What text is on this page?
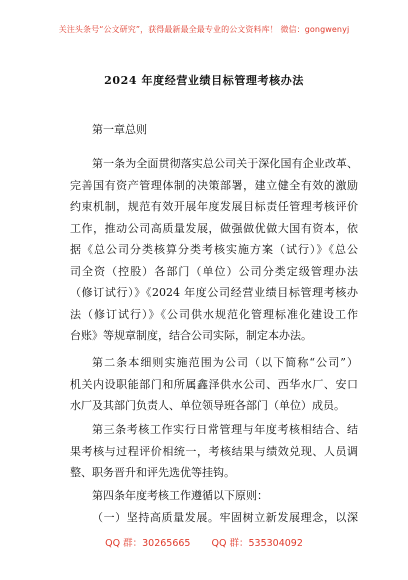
关注头条号“公文研究”，获得最新最全最专业的公文资料库！ 微信：gongwenyj
2024 年度经营业绩目标管理考核办法
第一章总则
第一条为全面贯彻落实总公司关于深化国有企业改革、
完善国有资产管理体制的决策部署，建立健全有效的激励
约束机制，规范有效开展年度发展目标责任管理考核评价
工作，推动公司高质量发展，做强做优做大国有资本，依
据《总公司分类核算分类考核实施方案（试行）》《总公
司全资（控股）各部门（单位）公司分类定级管理办法
（修订试行）》《2024 年度公司经营业绩目标管理考核办
法（修订试行）》《公司供水规范化管理标准化建设工作
台账》等规章制度，结合公司实际，制定本办法。
第二条本细则实施范围为公司（以下简称“公司”）
机关内设职能部门和所属鑫泽供水公司、西华水厂、安口
水厂及其部门负责人、单位领导班各部门（单位）成员。
第三条考核工作实行日常管理与年度考核相结合、结
果考核与过程评价相统一，考核结果与绩效兑现、人员调
整、职务晋升和评先选优等挂钩。
第四条年度考核工作遵循以下原则：
（一）坚持高质量发展。牢固树立新发展理念，以深
QQ 群：30265665 QQ 群：535304092
